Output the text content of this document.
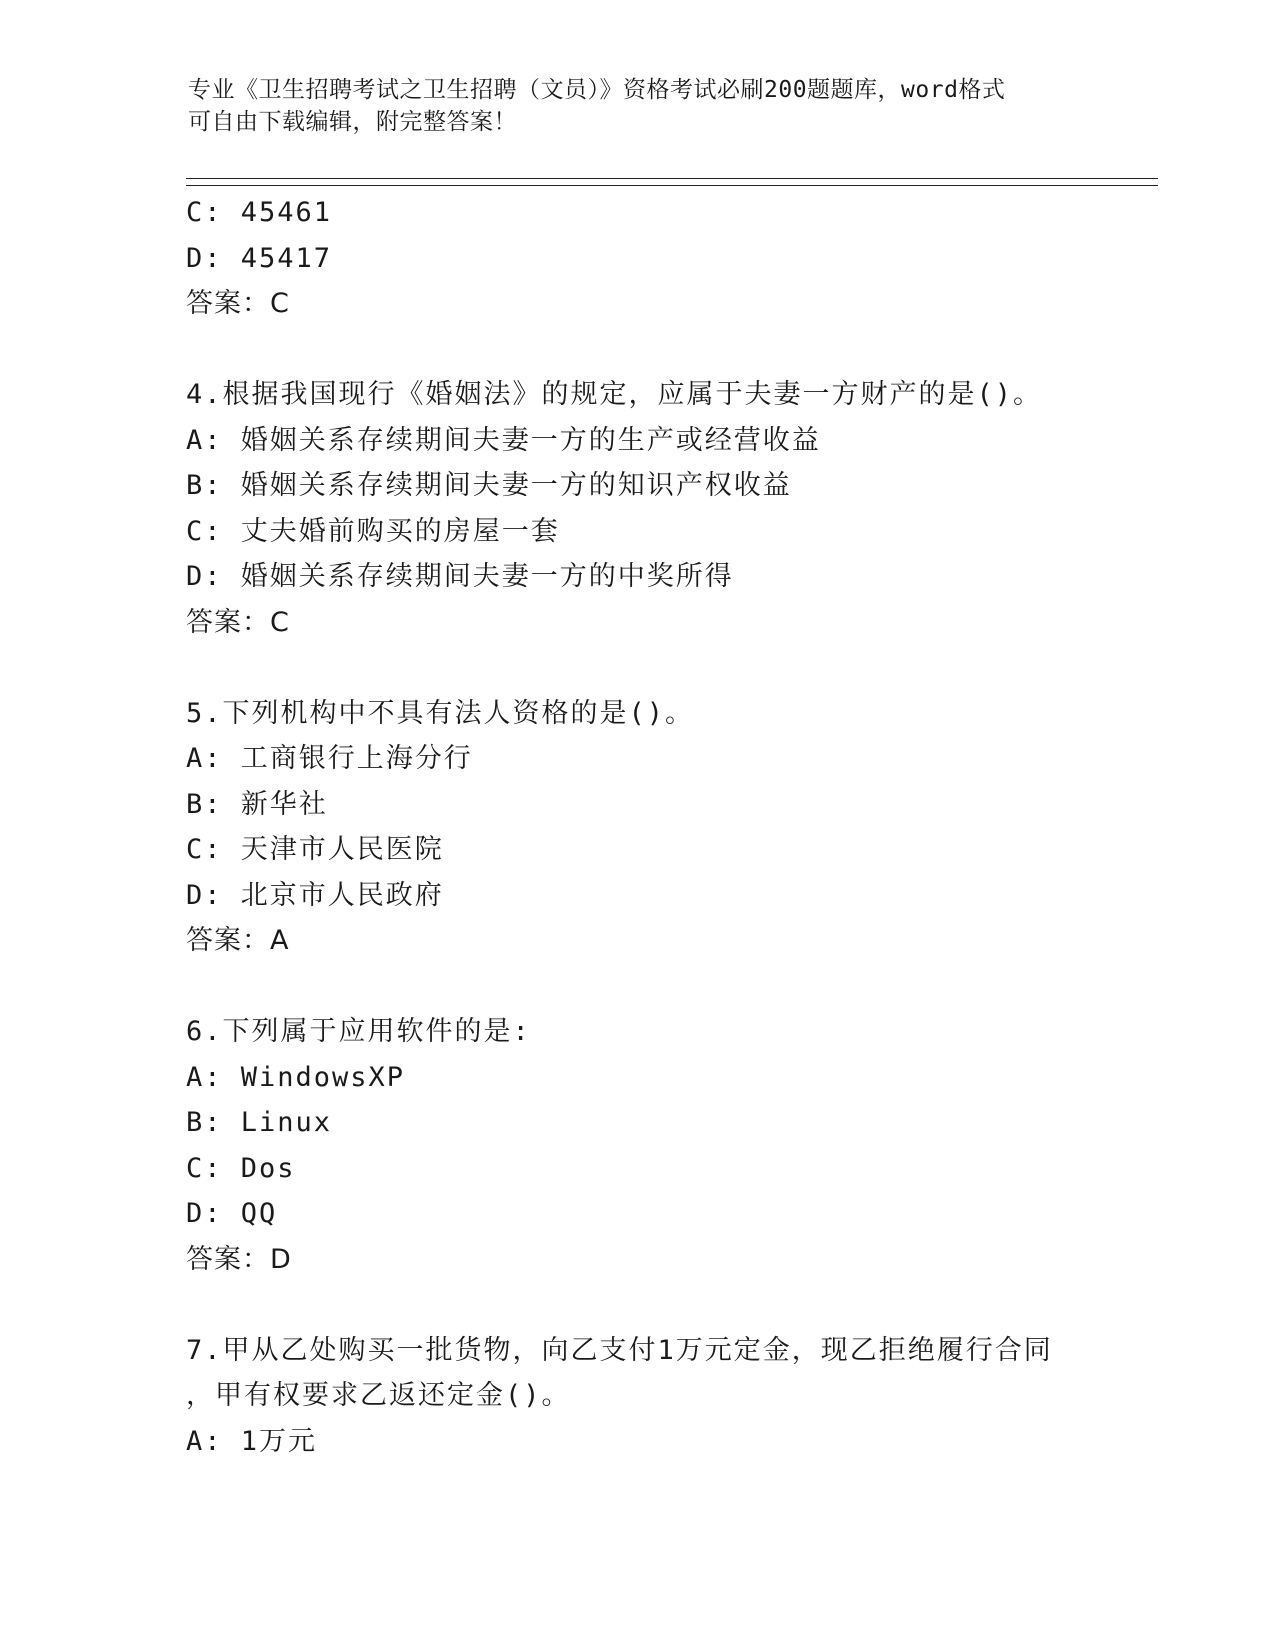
专业《卫生招聘考试之卫生招聘（文员）》资格考试必刷200题题库，word格式
可自由下载编辑，附完整答案！
C: 45461
D: 45417
答案：C
4.根据我国现行《婚姻法》的规定，应属于夫妻一方财产的是()。
A: 婚姻关系存续期间夫妻一方的生产或经营收益
B: 婚姻关系存续期间夫妻一方的知识产权收益
C: 丈夫婚前购买的房屋一套
D: 婚姻关系存续期间夫妻一方的中奖所得
答案：C
5.下列机构中不具有法人资格的是()。
A: 工商银行上海分行
B: 新华社
C: 天津市人民医院
D: 北京市人民政府
答案：A
6.下列属于应用软件的是:
A: WindowsXP
B: Linux
C: Dos
D: QQ
答案：D
7.甲从乙处购买一批货物，向乙支付1万元定金，现乙拒绝履行合同
，甲有权要求乙返还定金()。
A: 1万元
